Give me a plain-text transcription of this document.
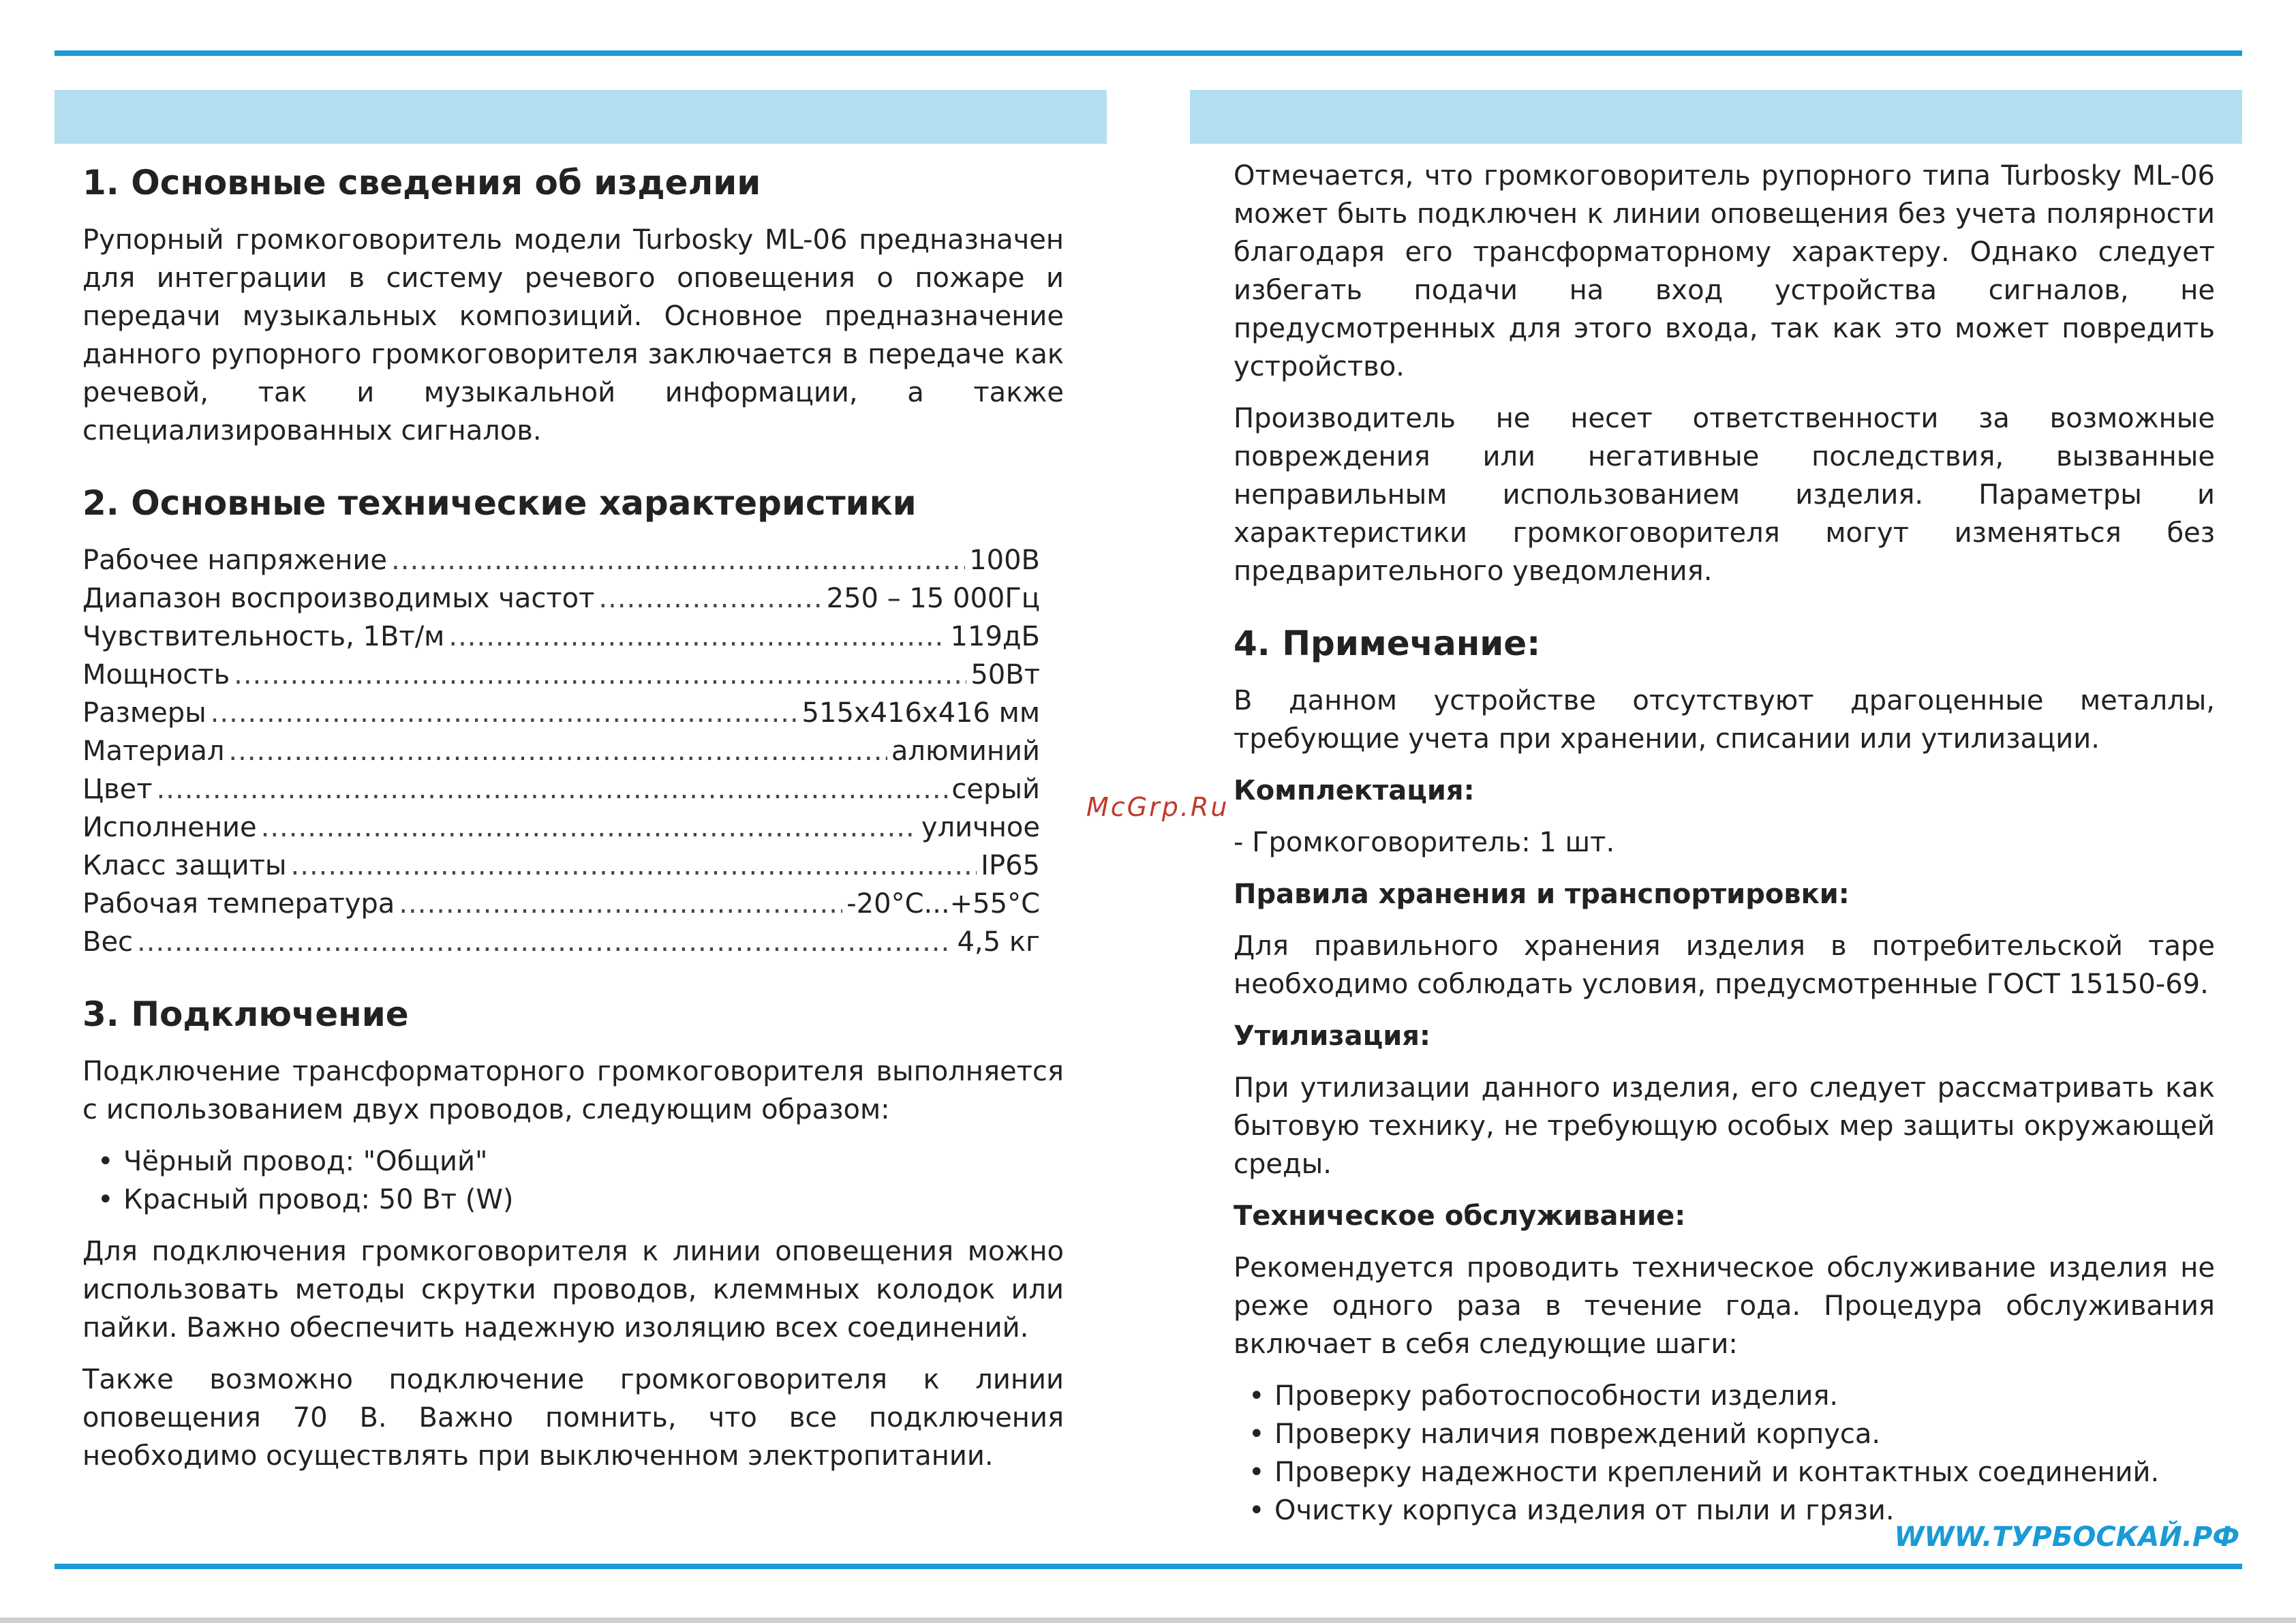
1. Основные сведения об изделии

Рупорный громкоговоритель модели Turbosky ML-06 предназначен для интеграции в систему речевого оповещения о пожаре и передачи музыкальных композиций. Основное предназначение данного рупорного громкоговорителя заключается в передаче как речевой, так и музыкальной информации, а также специализированных сигналов.

2. Основные технические характеристики
Рабочее напряжение .....	100В
Диапазон воспроизводимых частот .....	250 – 15 000Гц
Чувствительность, 1Вт/м .....	119дБ
Мощность .....	50Вт
Размеры .....	515х416х416 мм
Материал .....	алюминий
Цвет .....	серый
Исполнение .....	уличное
Класс защиты .....	IP65
Рабочая температура .....	-20°C...+55°C
Вес .....	4,5 кг
3. Подключение

Подключение трансформаторного громкоговорителя выполняется с использованием двух проводов, следующим образом:

• Чёрный провод: "Общий"
• Красный провод: 50 Вт (W)

Для подключения громкоговорителя к линии оповещения можно использовать методы скрутки проводов, клеммных колодок или пайки. Важно обеспечить надежную изоляцию всех соединений.

Также возможно подключение громкоговорителя к линии оповещения 70 В. Важно помнить, что все подключения необходимо осуществлять при выключенном электропитании.

McGrp.Ru

Отмечается, что громкоговоритель рупорного типа Turbosky ML-06 может быть подключен к линии оповещения без учета полярности благодаря его трансформаторному характеру. Однако следует избегать подачи на вход устройства сигналов, не предусмотренных для этого входа, так как это может повредить устройство.

Производитель не несет ответственности за возможные повреждения или негативные последствия, вызванные неправильным использованием изделия. Параметры и характеристики громкоговорителя могут изменяться без предварительного уведомления.

4. Примечание:

В данном устройстве отсутствуют драгоценные металлы, требующие учета при хранении, списании или утилизации.

Комплектация:

- Громкоговоритель: 1 шт.

Правила хранения и транспортировки:

Для правильного хранения изделия в потребительской таре необходимо соблюдать условия, предусмотренные ГОСТ 15150-69.

Утилизация:

При утилизации данного изделия, его следует рассматривать как бытовую технику, не требующую особых мер защиты окружающей среды.

Техническое обслуживание:

Рекомендуется проводить техническое обслуживание изделия не реже одного раза в течение года. Процедура обслуживания включает в себя следующие шаги:

• Проверку работоспособности изделия.
• Проверку наличия повреждений корпуса.
• Проверку надежности креплений и контактных соединений.
• Очистку корпуса изделия от пыли и грязи.
WWW.ТУРБОСКАЙ.РФ
